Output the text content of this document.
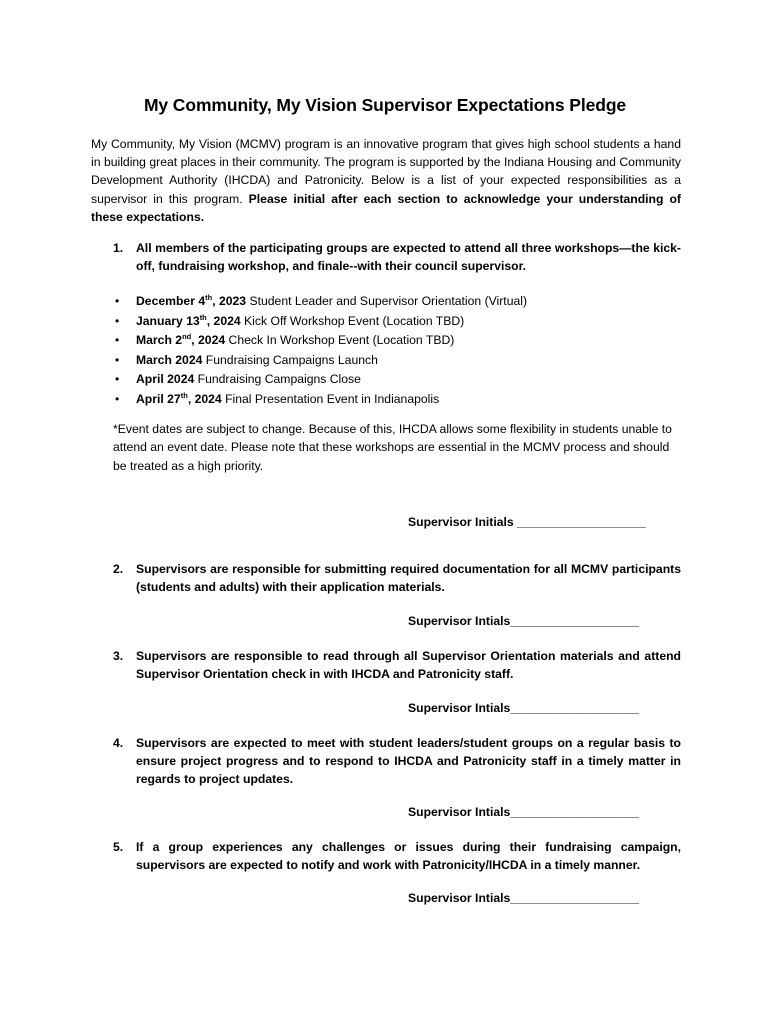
My Community, My Vision Supervisor Expectations Pledge
My Community, My Vision (MCMV) program is an innovative program that gives high school students a hand in building great places in their community. The program is supported by the Indiana Housing and Community Development Authority (IHCDA) and Patronicity. Below is a list of your expected responsibilities as a supervisor in this program. Please initial after each section to acknowledge your understanding of these expectations.
1.	All members of the participating groups are expected to attend all three workshops—the kick-off, fundraising workshop, and finale--with their council supervisor.
• December 4th, 2023 Student Leader and Supervisor Orientation (Virtual)
• January 13th, 2024 Kick Off Workshop Event (Location TBD)
• March 2nd, 2024 Check In Workshop Event (Location TBD)
• March 2024 Fundraising Campaigns Launch
• April 2024 Fundraising Campaigns Close
• April 27th, 2024 Final Presentation Event in Indianapolis
*Event dates are subject to change. Because of this, IHCDA allows some flexibility in students unable to attend an event date. Please note that these workshops are essential in the MCMV process and should be treated as a high priority.
Supervisor Initials ___________________
2.	Supervisors are responsible for submitting required documentation for all MCMV participants (students and adults) with their application materials.
Supervisor Intials___________________
3.	Supervisors are responsible to read through all Supervisor Orientation materials and attend Supervisor Orientation check in with IHCDA and Patronicity staff.
Supervisor Intials___________________
4.	Supervisors are expected to meet with student leaders/student groups on a regular basis to ensure project progress and to respond to IHCDA and Patronicity staff in a timely matter in regards to project updates.
Supervisor Intials___________________
5.	If a group experiences any challenges or issues during their fundraising campaign, supervisors are expected to notify and work with Patronicity/IHCDA in a timely manner.
Supervisor Intials___________________
